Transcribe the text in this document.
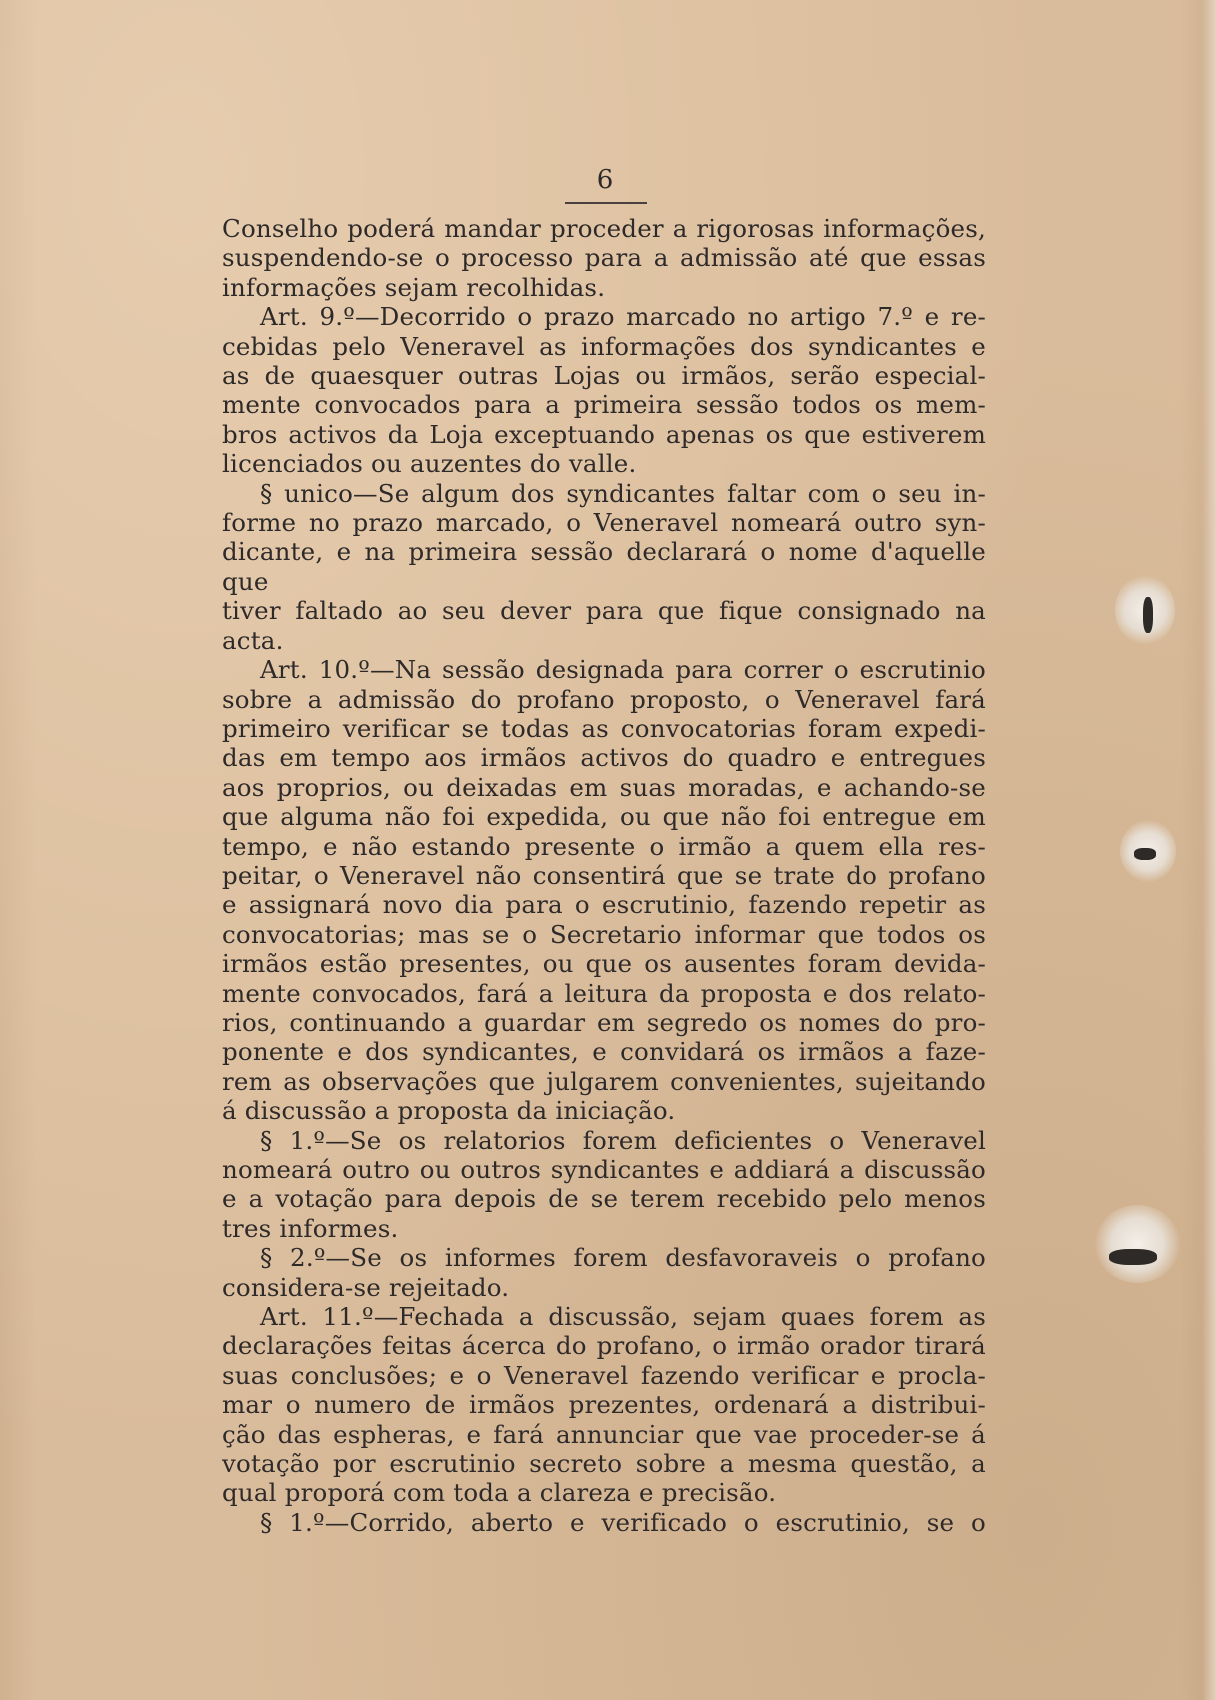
6

Conselho poderá mandar proceder a rigorosas informações,

suspendendo-se o processo para a admissão até que essas

informações sejam recolhidas.

Art. 9.º—Decorrido o prazo marcado no artigo 7.º e re-

cebidas pelo Veneravel as informações dos syndicantes e

as de quaesquer outras Lojas ou irmãos, serão especial-

mente convocados para a primeira sessão todos os mem-

bros activos da Loja exceptuando apenas os que estiverem

licenciados ou auzentes do valle.

§ unico—Se algum dos syndicantes faltar com o seu in-

forme no prazo marcado, o Veneravel nomeará outro syn-

dicante, e na primeira sessão declarará o nome d'aquelle que

tiver faltado ao seu dever para que fique consignado na

acta.

Art. 10.º—Na sessão designada para correr o escrutinio

sobre a admissão do profano proposto, o Veneravel fará

primeiro verificar se todas as convocatorias foram expedi-

das em tempo aos irmãos activos do quadro e entregues

aos proprios, ou deixadas em suas moradas, e achando-se

que alguma não foi expedida, ou que não foi entregue em

tempo, e não estando presente o irmão a quem ella res-

peitar, o Veneravel não consentirá que se trate do profano

e assignará novo dia para o escrutinio, fazendo repetir as

convocatorias; mas se o Secretario informar que todos os

irmãos estão presentes, ou que os ausentes foram devida-

mente convocados, fará a leitura da proposta e dos relato-

rios, continuando a guardar em segredo os nomes do pro-

ponente e dos syndicantes, e convidará os irmãos a faze-

rem as observações que julgarem convenientes, sujeitando

á discussão a proposta da iniciação.

§ 1.º—Se os relatorios forem deficientes o Veneravel

nomeará outro ou outros syndicantes e addiará a discussão

e a votação para depois de se terem recebido pelo menos

tres informes.

§ 2.º—Se os informes forem desfavoraveis o profano

considera-se rejeitado.

Art. 11.º—Fechada a discussão, sejam quaes forem as

declarações feitas ácerca do profano, o irmão orador tirará

suas conclusões; e o Veneravel fazendo verificar e procla-

mar o numero de irmãos prezentes, ordenará a distribui-

ção das espheras, e fará annunciar que vae proceder-se á

votação por escrutinio secreto sobre a mesma questão, a

qual proporá com toda a clareza e precisão.

§ 1.º—Corrido, aberto e verificado o escrutinio, se o
